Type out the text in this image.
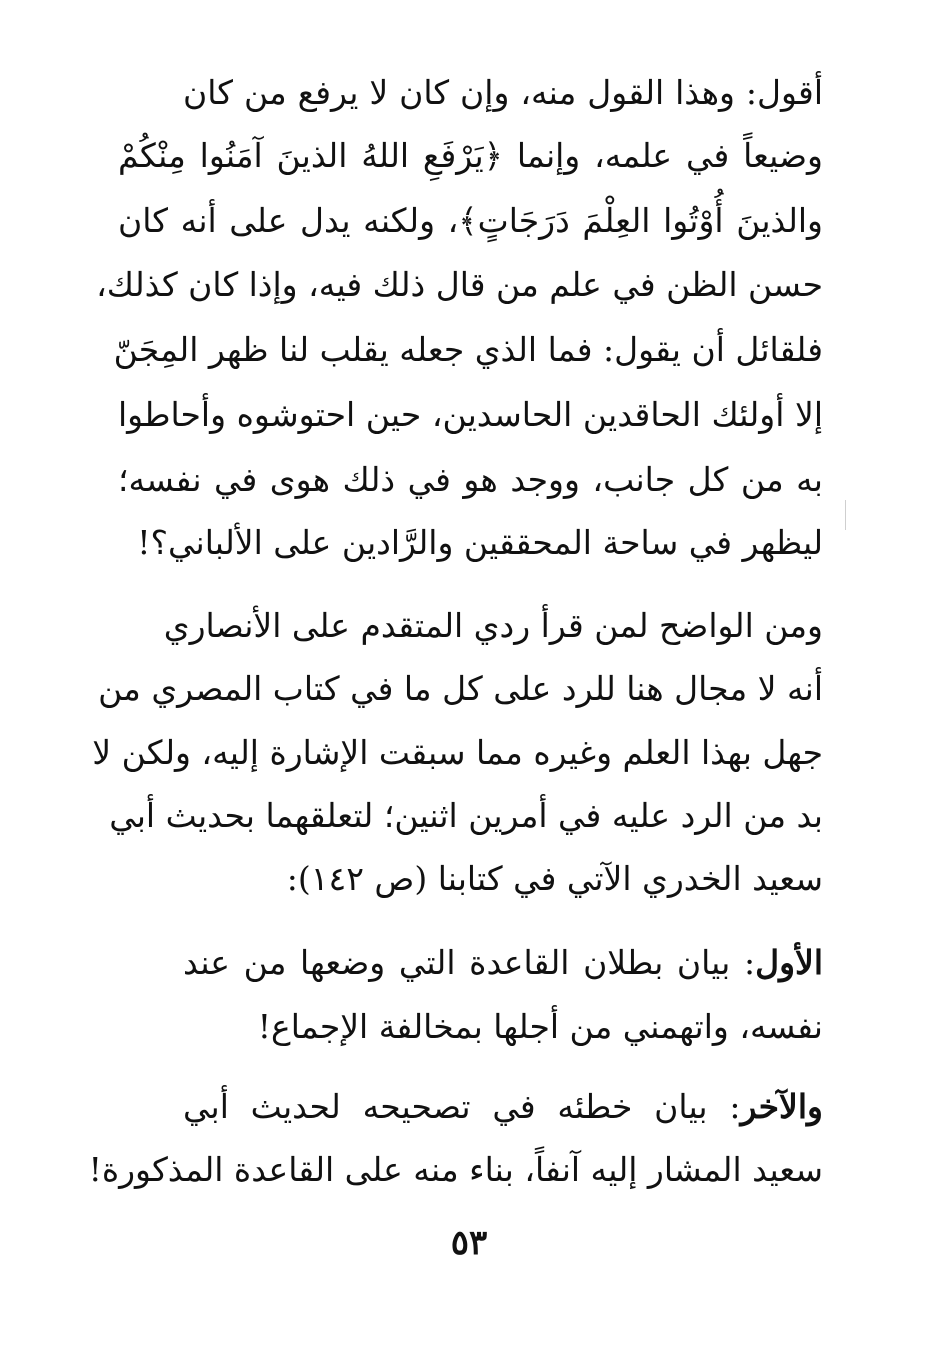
أقول: وهذا القول منه، وإن كان لا يرفع من كان
وضيعاً في علمه، وإنما ﴿يَرْفَعِ اللهُ الذينَ آمَنُوا مِنْكُمْ
والذينَ أُوْتُوا العِلْمَ دَرَجَاتٍ﴾، ولكنه يدل على أنه كان
حسن الظن في علم من قال ذلك فيه، وإذا كان كذلك،
فلقائل أن يقول: فما الذي جعله يقلب لنا ظهر المِجَنّ
إلا أولئك الحاقدين الحاسدين، حين احتوشوه وأحاطوا
به من كل جانب، ووجد هو في ذلك هوى في نفسه؛
ليظهر في ساحة المحققين والرَّادين على الألباني؟!
ومن الواضح لمن قرأ ردي المتقدم على الأنصاري
أنه لا مجال هنا للرد على كل ما في كتاب المصري من
جهل بهذا العلم وغيره مما سبقت الإشارة إليه، ولكن لا
بد من الرد عليه في أمرين اثنين؛ لتعلقهما بحديث أبي
سعيد الخدري الآتي في كتابنا (ص ١٤٢):
الأول: بيان بطلان القاعدة التي وضعها من عند
نفسه، واتهمني من أجلها بمخالفة الإجماع!
والآخر: بيان خطئه في تصحيحه لحديث أبي
سعيد المشار إليه آنفاً، بناء منه على القاعدة المذكورة!
٥٣
